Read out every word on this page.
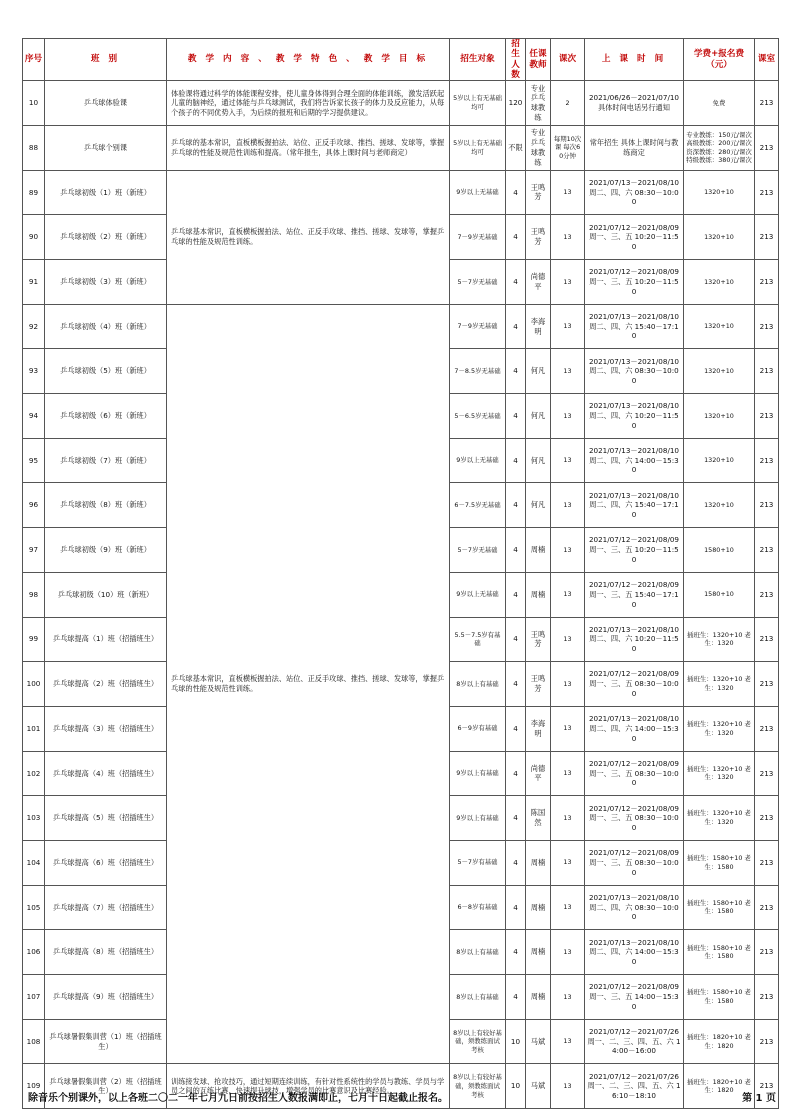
序号	班 别	教 学 内 容 、 教 学 特 色 、 教 学 目 标	招生对象	招生人数	任课教师	课次	上 课 时 间	学费+报名费（元）	课室
10	乒乓球体验课	体验课将通过科学的体能课程安排，使儿童身体得到合理全面的体能训练，激发活跃起儿童的脑神经，通过体能与乒乓球测试，我们将告诉家长孩子的体力及反应能力，从每个孩子的不同优势入手，为后续的报班和后期的学习提供建议。	5岁以上有无基础均可	120	专业乒乓球教练	2	2021/06/26－2021/07/10 具体时间电话另行通知	免费	213
88	乒乓球个别课	乒乓球的基本常识，直板横板握拍法、站位、正反手攻球、推挡、搓球、发球等，掌握乒乓球的性能及规范性训练和提高。（常年报生，具体上课时间与老师商定）	5岁以上有无基础均可	不限	专业乒乓球教练	每期10次课 每次60分钟	常年招生 具体上课时间与教练商定	专业教练：150元/课次 高级教练：200元/课次 资深教练：280元/课次 特级教练：380元/课次	213
89	乒乓球初级（1）班（新班）	乒乓球基本常识，直板横板握拍法、站位、正反手攻球、推挡、搓球、发球等，掌握乒乓球的性能及规范性训练。	9岁以上无基础	4	王鸣芳	13	2021/07/13－2021/08/10 周二、四、六 08:30－10:00	1320+10	213
90	乒乓球初级（2）班（新班）		7－9岁无基础	4	王鸣芳	13	2021/07/12－2021/08/09 周一、三、五 10:20－11:50	1320+10	213
91	乒乓球初级（3）班（新班）		5－7岁无基础	4	尚德平	13	2021/07/12－2021/08/09 周一、三、五 10:20－11:50	1320+10	213
92	乒乓球初级（4）班（新班）	乒乓球基本常识，直板横板握拍法、站位、正反手攻球、推挡、搓球、发球等，掌握乒乓球的性能及规范性训练。	7－9岁无基础	4	李海明	13	2021/07/13－2021/08/10 周二、四、六 15:40－17:10	1320+10	213
93	乒乓球初级（5）班（新班）		7－8.5岁无基础	4	何凡	13	2021/07/13－2021/08/10 周二、四、六 08:30－10:00	1320+10	213
94	乒乓球初级（6）班（新班）		5－6.5岁无基础	4	何凡	13	2021/07/13－2021/08/10 周二、四、六 10:20－11:50	1320+10	213
95	乒乓球初级（7）班（新班）		9岁以上无基础	4	何凡	13	2021/07/13－2021/08/10 周二、四、六 14:00－15:30	1320+10	213
96	乒乓球初级（8）班（新班）		6－7.5岁无基础	4	何凡	13	2021/07/13－2021/08/10 周二、四、六 15:40－17:10	1320+10	213
97	乒乓球初级（9）班（新班）		5－7岁无基础	4	周楠	13	2021/07/12－2021/08/09 周一、三、五 10:20－11:50	1580+10	213
98	乒乓球初级（10）班（新班）		9岁以上无基础	4	周楠	13	2021/07/12－2021/08/09 周一、三、五 15:40－17:10	1580+10	213
99	乒乓球提高（1）班（招插班生）		5.5－7.5岁有基础	4	王鸣芳	13	2021/07/13－2021/08/10 周二、四、六 10:20－11:50	插班生：1320+10 老 生：1320	213
100	乒乓球提高（2）班（招插班生）		8岁以上有基础	4	王鸣芳	13	2021/07/12－2021/08/09 周一、三、五 08:30－10:00	插班生：1320+10 老 生：1320	213
101	乒乓球提高（3）班（招插班生）		6－9岁有基础	4	李海明	13	2021/07/13－2021/08/10 周二、四、六 14:00－15:30	插班生：1320+10 老 生：1320	213
102	乒乓球提高（4）班（招插班生）		9岁以上有基础	4	尚德平	13	2021/07/12－2021/08/09 周一、三、五 08:30－10:00	插班生：1320+10 老 生：1320	213
103	乒乓球提高（5）班（招插班生）		9岁以上有基础	4	陈国然	13	2021/07/12－2021/08/09 周一、三、五 08:30－10:00	插班生：1320+10 老 生：1320	213
104	乒乓球提高（6）班（招插班生）		5－7岁有基础	4	周楠	13	2021/07/12－2021/08/09 周一、三、五 08:30－10:00	插班生：1580+10 老 生：1580	213
105	乒乓球提高（7）班（招插班生）		6－8岁有基础	4	周楠	13	2021/07/13－2021/08/10 周二、四、六 08:30－10:00	插班生：1580+10 老 生：1580	213
106	乒乓球提高（8）班（招插班生）		8岁以上有基础	4	周楠	13	2021/07/13－2021/08/10 周二、四、六 14:00－15:30	插班生：1580+10 老 生：1580	213
107	乒乓球提高（9）班（招插班生）		8岁以上有基础	4	周楠	13	2021/07/12－2021/08/09 周一、三、五 14:00－15:30	插班生：1580+10 老 生：1580	213
108	乒乓球暑假集训营（1）班（招插班生）		8岁以上有较好基础，须教练面试考核	10	马斌	13	2021/07/12－2021/07/26 周一、二、三、四、五、六 14:00－16:00	插班生：1820+10 老 生：1820	213
109	乒乓球暑假集训营（2）班（招插班生）	训练接发球、抢攻技巧，通过短期连续训练，有针对性系统性的学员与教练、学员与学员之间的互练比赛，快速提升球技，增强学员的比赛意识及比赛经验。	8岁以上有较好基础，须教练面试考核	10	马斌	13	2021/07/12－2021/07/26 周一、二、三、四、五、六 16:10－18:10	插班生：1820+10 老 生：1820	213
除音乐个别课外，以上各班二〇二一年七月九日前按招生人数报满即止，七月十日起截止报名。	第 1 页
